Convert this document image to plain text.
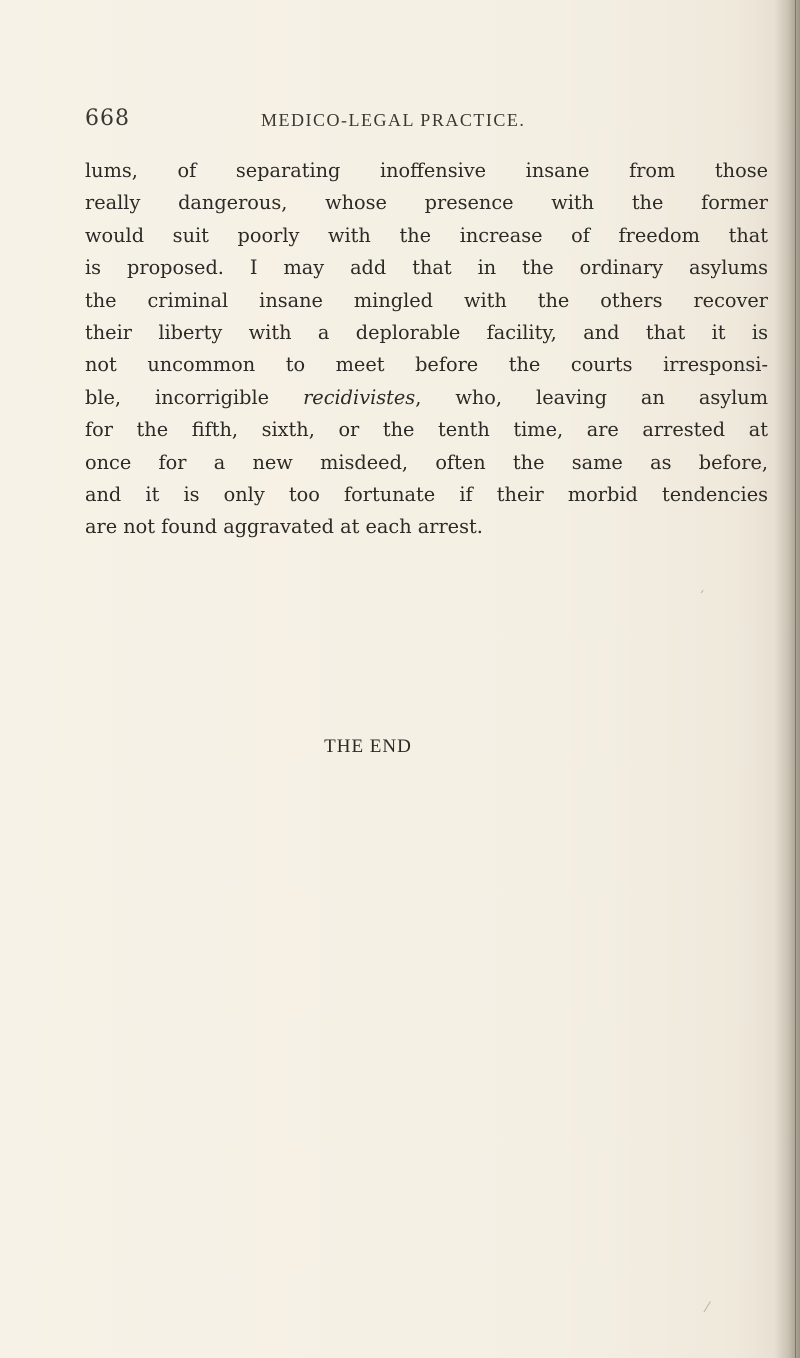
668	MEDICO-LEGAL PRACTICE.
lums, of separating inoffensive insane from those
really dangerous, whose presence with the former
would suit poorly with the increase of freedom that
is proposed. I may add that in the ordinary asylums
the criminal insane mingled with the others recover
their liberty with a deplorable facility, and that it is
not uncommon to meet before the courts irresponsi-
ble, incorrigible recidivistes, who, leaving an asylum
for the fifth, sixth, or the tenth time, are arrested at
once for a new misdeed, often the same as before,
and it is only too fortunate if their morbid tendencies
are not found aggravated at each arrest.
THE END
ˊ
⁄
